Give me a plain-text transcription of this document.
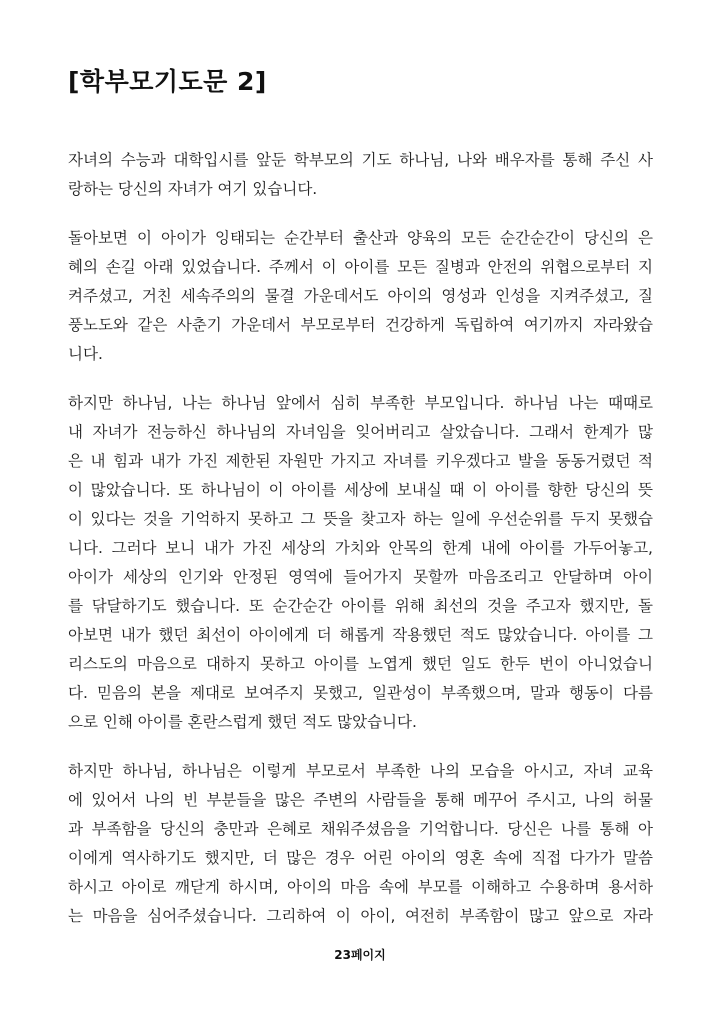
[학부모기도문 2]

자녀의 수능과 대학입시를 앞둔 학부모의 기도 하나님, 나와 배우자를 통해 주신 사
랑하는 당신의 자녀가 여기 있습니다.

돌아보면 이 아이가 잉태되는 순간부터 출산과 양육의 모든 순간순간이 당신의 은
혜의 손길 아래 있었습니다. 주께서 이 아이를 모든 질병과 안전의 위협으로부터 지
켜주셨고, 거친 세속주의의 물결 가운데서도 아이의 영성과 인성을 지켜주셨고, 질
풍노도와 같은 사춘기 가운데서 부모로부터 건강하게 독립하여 여기까지 자라왔습
니다.

하지만 하나님, 나는 하나님 앞에서 심히 부족한 부모입니다. 하나님 나는 때때로
내 자녀가 전능하신 하나님의 자녀임을 잊어버리고 살았습니다. 그래서 한계가 많
은 내 힘과 내가 가진 제한된 자원만 가지고 자녀를 키우겠다고 발을 동동거렸던 적
이 많았습니다. 또 하나님이 이 아이를 세상에 보내실 때 이 아이를 향한 당신의 뜻
이 있다는 것을 기억하지 못하고 그 뜻을 찾고자 하는 일에 우선순위를 두지 못했습
니다. 그러다 보니 내가 가진 세상의 가치와 안목의 한계 내에 아이를 가두어놓고,
아이가 세상의 인기와 안정된 영역에 들어가지 못할까 마음조리고 안달하며 아이
를 닦달하기도 했습니다. 또 순간순간 아이를 위해 최선의 것을 주고자 했지만, 돌
아보면 내가 했던 최선이 아이에게 더 해롭게 작용했던 적도 많았습니다. 아이를 그
리스도의 마음으로 대하지 못하고 아이를 노엽게 했던 일도 한두 번이 아니었습니
다. 믿음의 본을 제대로 보여주지 못했고, 일관성이 부족했으며, 말과 행동이 다름
으로 인해 아이를 혼란스럽게 했던 적도 많았습니다.

하지만 하나님, 하나님은 이렇게 부모로서 부족한 나의 모습을 아시고, 자녀 교육
에 있어서 나의 빈 부분들을 많은 주변의 사람들을 통해 메꾸어 주시고, 나의 허물
과 부족함을 당신의 충만과 은혜로 채워주셨음을 기억합니다. 당신은 나를 통해 아
이에게 역사하기도 했지만, 더 많은 경우 어린 아이의 영혼 속에 직접 다가가 말씀
하시고 아이로 깨닫게 하시며, 아이의 마음 속에 부모를 이해하고 수용하며 용서하
는 마음을 심어주셨습니다. 그리하여 이 아이, 여전히 부족함이 많고 앞으로 자라

23페이지
